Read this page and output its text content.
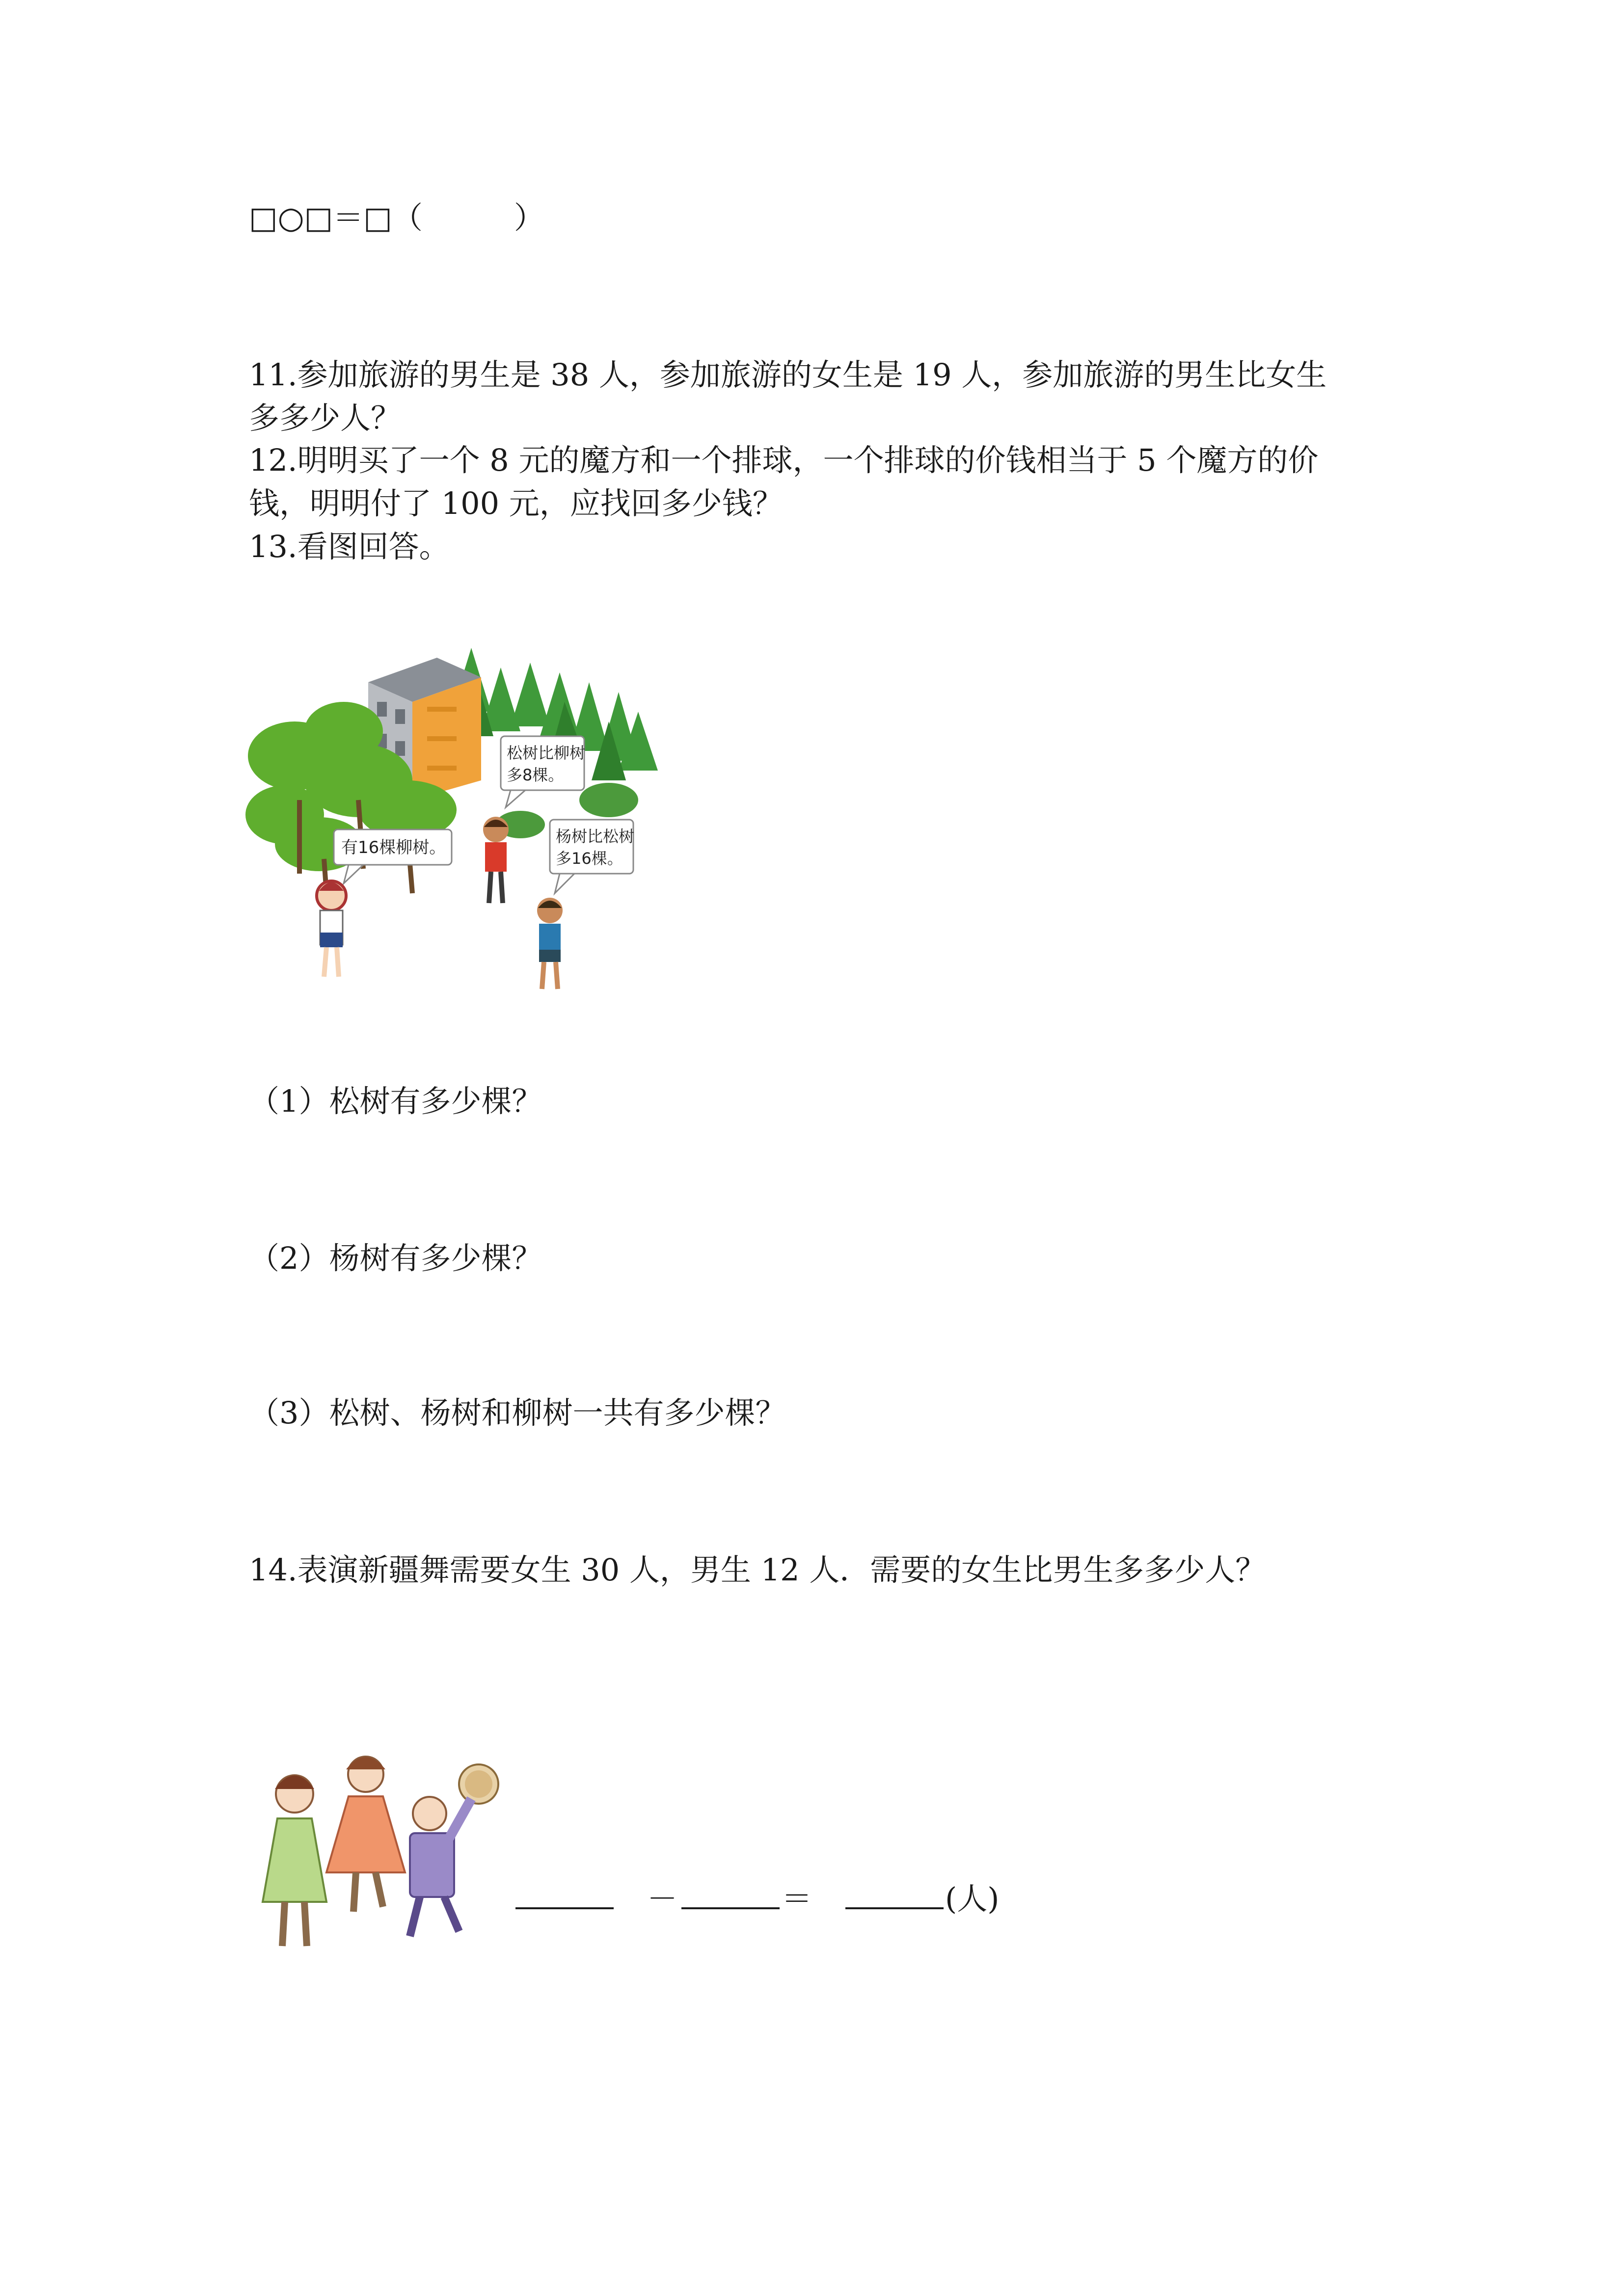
□○□＝□（　　　）
11.参加旅游的男生是 38 人，参加旅游的女生是 19 人，参加旅游的男生比女生
多多少人？
12.明明买了一个 8 元的魔方和一个排球，一个排球的价钱相当于 5 个魔方的价
钱，明明付了 100 元，应找回多少钱？
13.看图回答。
有16棵柳树。
松树比柳树
多8棵。
杨树比松树
多16棵。
（1）松树有多少棵？
（2）杨树有多少棵？
（3）松树、杨树和柳树一共有多少棵？
14.表演新疆舞需要女生 30 人，男生 12 人．需要的女生比男生多多少人？
－	＝	(人)
